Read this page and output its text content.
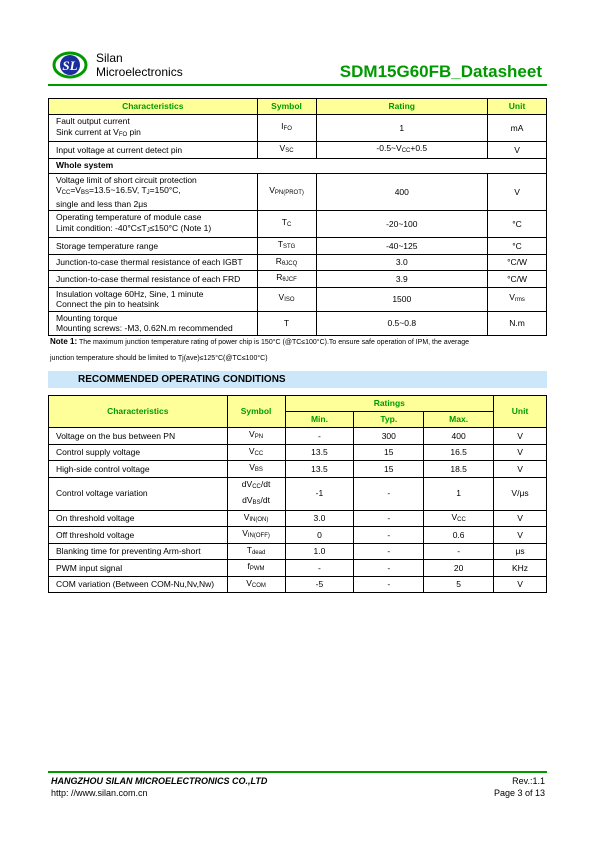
SL Silan
Microelectronics	SDM15G60FB_Datasheet
Characteristics	Symbol	Rating	Unit

Fault output current
Sink current at VFO pin	IFO	1	mA
Input voltage at current detect pin	VSC	-0.5~VCC+0.5	V
Whole system			

Voltage limit of short circuit protection
VCC=VBS=13.5~16.5V, TJ=150°C,
single and less than 2μs	VPN(PROT)	400	V

Operating temperature of module case
Limit condition: -40°C≤TJ≤150°C (Note 1)	TC	-20~100	°C
Storage temperature range	TSTG	-40~125	°C
Junction-to-case thermal resistance of each IGBT	RθJCQ	3.0	°C/W
Junction-to-case thermal resistance of each FRD	RθJCF	3.9	°C/W

Insulation voltage 60Hz, Sine, 1 minute
Connect the pin to heatsink	VISO	1500	Vrms

Mounting torque
Mounting screws: -M3, 0.62N.m recommended	T	0.5~0.8	N.m
Note 1: The maximum junction temperature rating of power chip is 150°C (@TC≤100°C).To ensure safe operation of IPM, the average
junction temperature should be limited to Tj(ave)≤125°C(@TC≤100°C)
RECOMMENDED OPERATING CONDITIONS
Characteristics	Symbol	Ratings			Unit
		Min.	Typ.	Max.	
Voltage on the bus between PN	VPN	-	300	400	V
Control supply voltage	VCC	13.5	15	16.5	V
High-side control voltage	VBS	13.5	15	18.5	V
Control voltage variation	dVCC/dt
dVBS/dt	-1	-	1	V/μs
On threshold voltage	VIN(ON)	3.0	-	VCC	V
Off threshold voltage	VIN(OFF)	0	-	0.6	V
Blanking time for preventing Arm-short	Tdead	1.0	-	-	μs
PWM input signal	fPWM	-	-	20	KHz
COM variation (Between COM-Nu,Nv,Nw)	VCOM	-5	-	5	V
HANGZHOU SILAN MICROELECTRONICS CO.,LTD
http: //www.silan.com.cn
Rev.:1.1
Page 3 of 13
